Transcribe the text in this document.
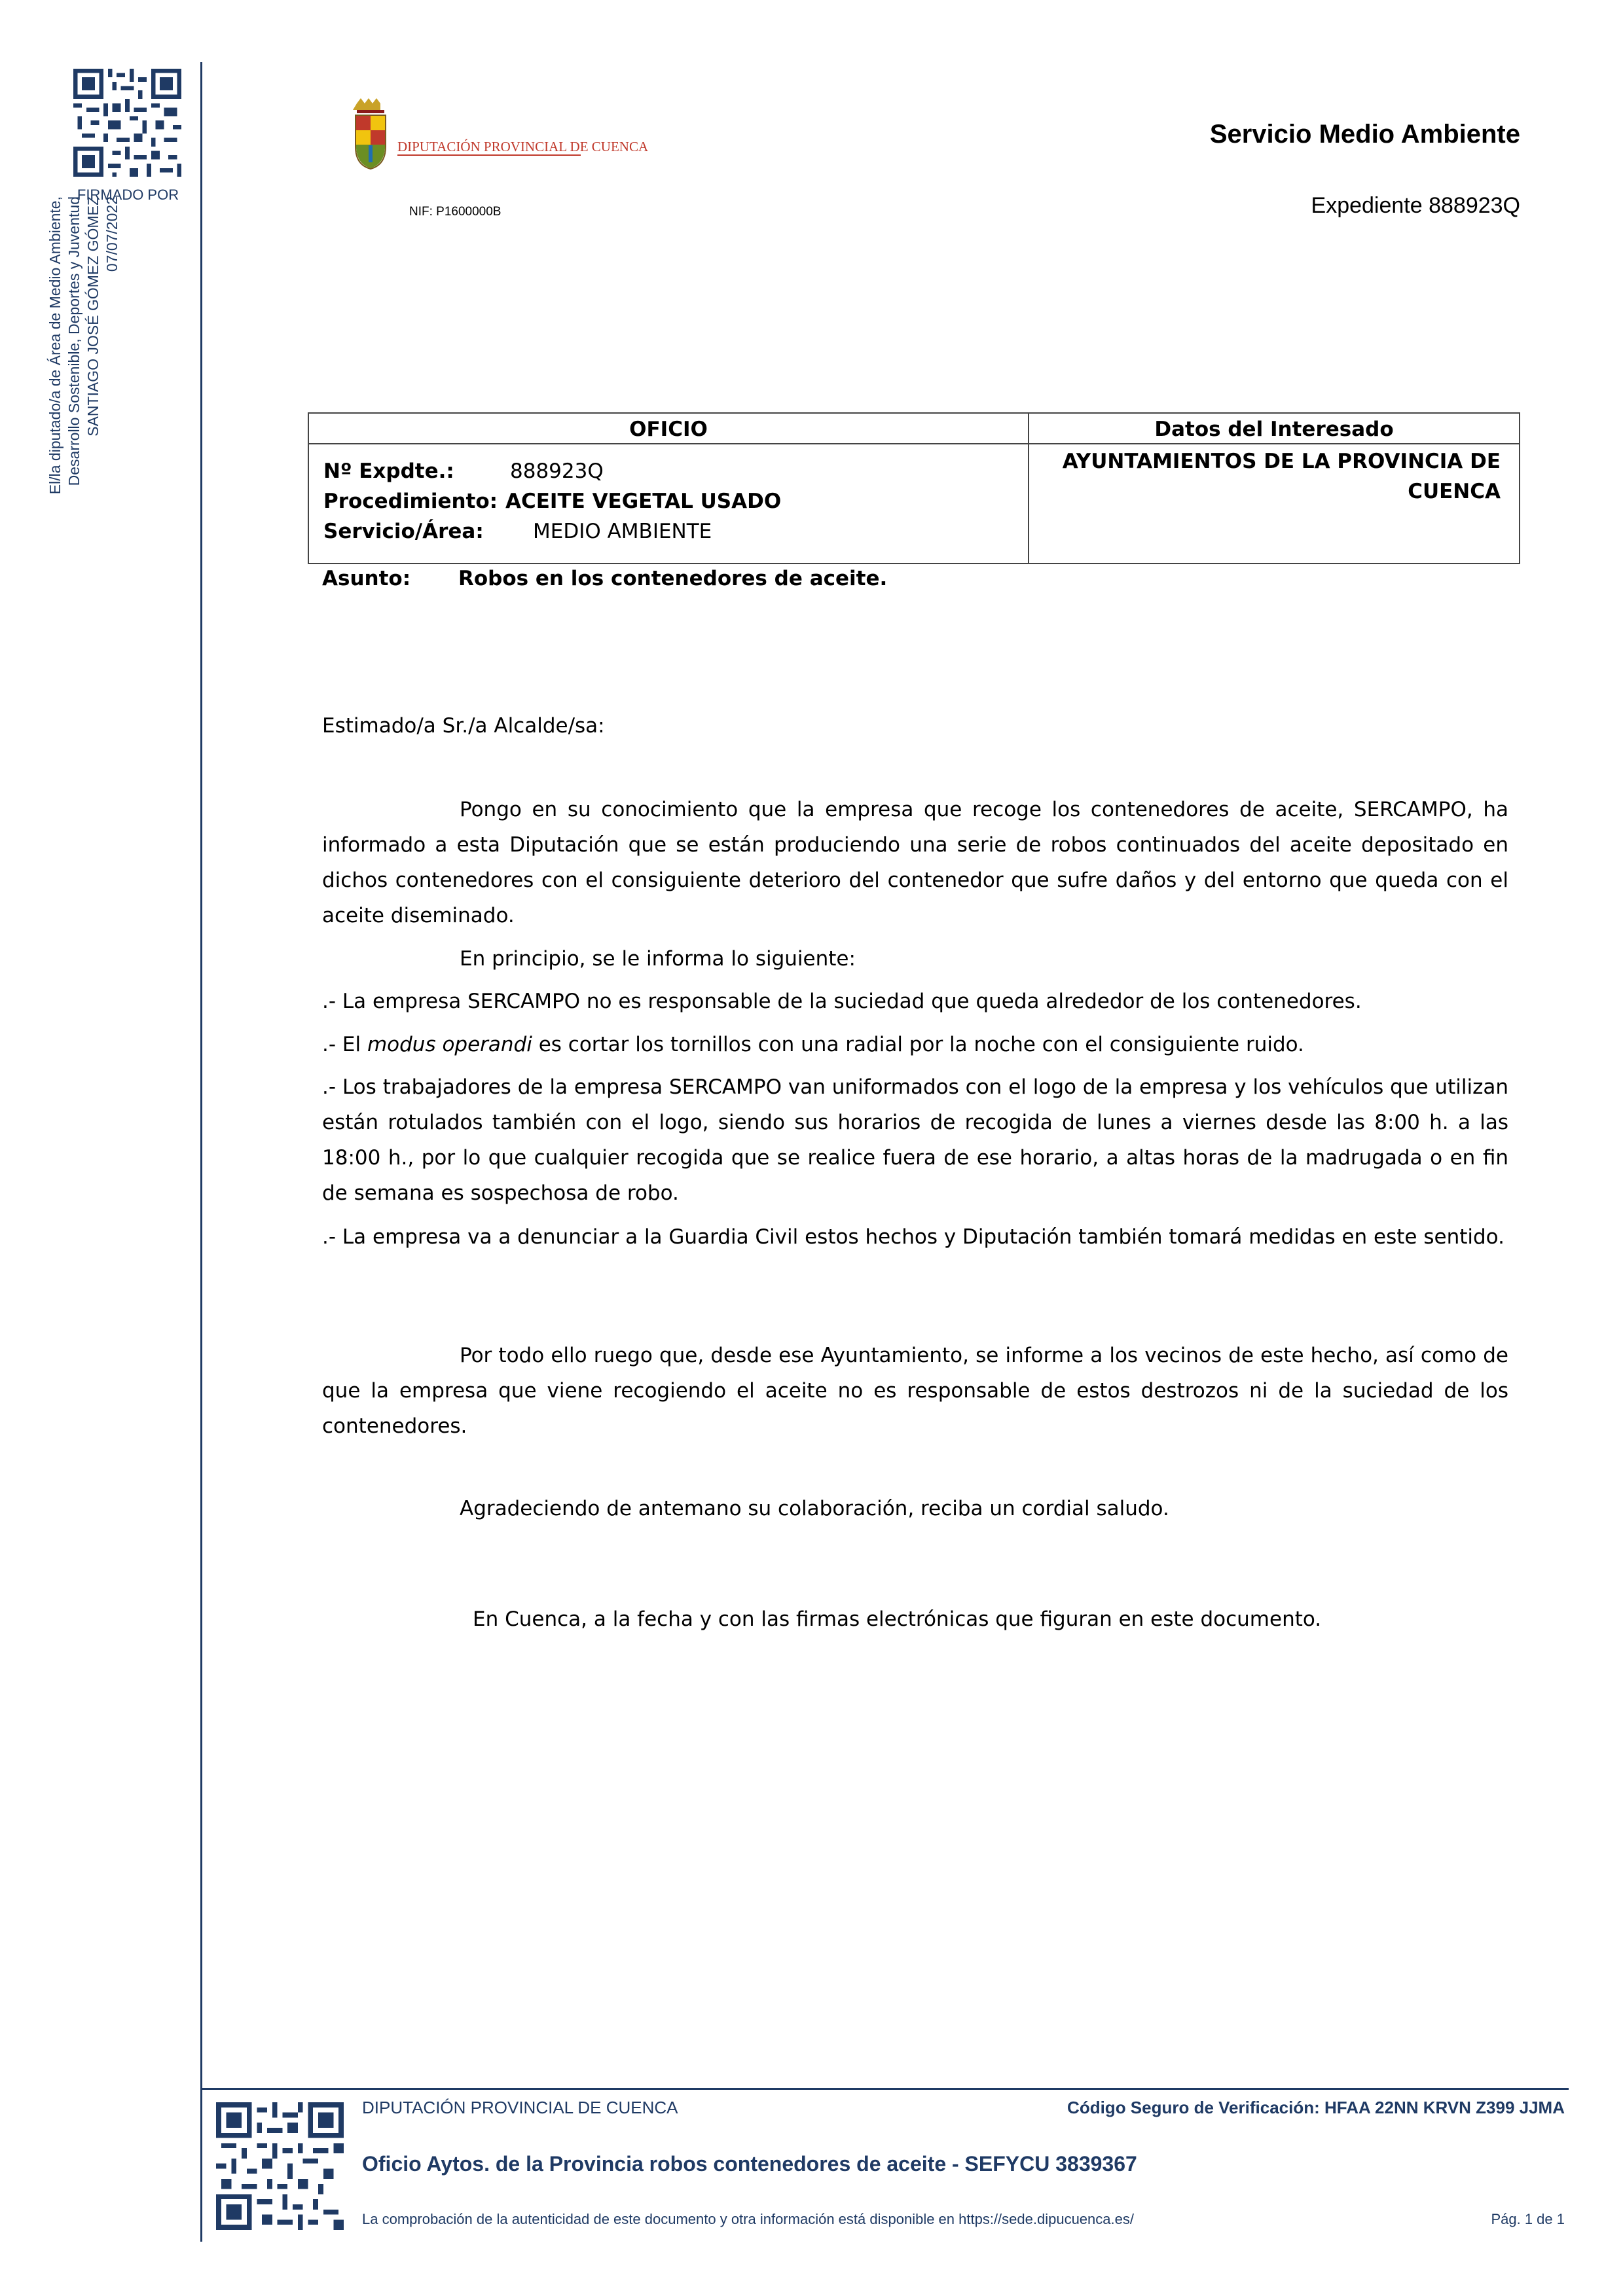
FIRMADO POR
El/la diputado/a de Área de Medio Ambiente, Desarrollo Sostenible, Deportes y Juventud SANTIAGO JOSÉ GÓMEZ GÓMEZ 07/07/2022
DIPUTACIÓN PROVINCIAL DE CUENCA
NIF: P1600000B
Servicio Medio Ambiente
Expediente 888923Q
OFICIO	Datos del Interesado
Nº Expdte.:	888923Q
Procedimiento: ACEITE VEGETAL USADO
Servicio/Área: MEDIO AMBIENTE
AYUNTAMIENTOS DE LA PROVINCIA DE CUENCA
Asunto: Robos en los contenedores de aceite.
Estimado/a Sr./a Alcalde/sa:
Pongo en su conocimiento que la empresa que recoge los contenedores de aceite, SERCAMPO, ha informado a esta Diputación que se están produciendo una serie de robos continuados del aceite depositado en dichos contenedores con el consiguiente deterioro del contenedor que sufre daños y del entorno que queda con el aceite diseminado.
En principio, se le informa lo siguiente:
.- La empresa SERCAMPO no es responsable de la suciedad que queda alrededor de los contenedores.
.- El modus operandi es cortar los tornillos con una radial por la noche con el consiguiente ruido.
.- Los trabajadores de la empresa SERCAMPO van uniformados con el logo de la empresa y los vehículos que utilizan están rotulados también con el logo, siendo sus horarios de recogida de lunes a viernes desde las 8:00 h. a las 18:00 h., por lo que cualquier recogida que se realice fuera de ese horario, a altas horas de la madrugada o en fin de semana es sospechosa de robo.
.- La empresa va a denunciar a la Guardia Civil estos hechos y Diputación también tomará medidas en este sentido.
Por todo ello ruego que, desde ese Ayuntamiento, se informe a los vecinos de este hecho, así como de que la empresa que viene recogiendo el aceite no es responsable de estos destrozos ni de la suciedad de los contenedores.
Agradeciendo de antemano su colaboración, reciba un cordial saludo.
En Cuenca, a la fecha y con las firmas electrónicas que figuran en este documento.
DIPUTACIÓN PROVINCIAL DE CUENCA	Código Seguro de Verificación: HFAA 22NN KRVN Z399 JJMA
Oficio Aytos. de la Provincia robos contenedores de aceite - SEFYCU 3839367
La comprobación de la autenticidad de este documento y otra información está disponible en https://sede.dipucuenca.es/	Pág. 1 de 1
